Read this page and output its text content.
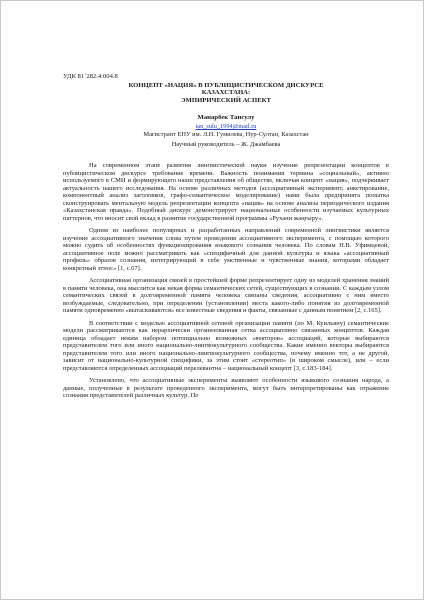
УДК 81`282.4:004.8

КОНЦЕПТ «НАЦИЯ» В ПУБЛИЦИСТИЧЕСКОМ ДИСКУРСЕ

КАЗАХСТАНА:

ЭМПИРИЧЕСКИЙ АСПЕКТ

Манарбек Тансулу

tan_sulu_1994@mail.ru

Магистрант ЕНУ им. Л.Н. Гумилева, Нур-Султан, Казахстан

Научный руководитель – Ж. Джамбаева

На современном этапе развития лингвистической науки изучение репрезентации концептов в публицистическом дискурсе требование времени. Важность понимания термина «социальный», активно используемого в СМИ и формирующего наши представления об обществе, включая концепт «нация», подчеркивает актуальность нашего исследования. На основе различных методов (ассоциативный эксперимент, анкетирование, компонентный анализ заголовков, графо-семантическое моделирование) нами была предпринята попытка сконструировать ментальную модель репрезентации концепта «нация» на основе анализа периодического издания «Казахстанская правда». Подобный дискурс демонстрирует национальные особенности изучаемых культурных паттернов, что вносит свой вклад в развитие государственной программы «Рухани жаңғыру».

Одним из наиболее популярных и разработанных направлений современной лингвистики является изучение ассоциативного значения слова путем проведения ассоциативного эксперимента, с помощью которого можно судить об особенностях функционирования языкового сознания человека. По словам Н.В. Уфимцевой, ассоциативное поле можно рассматривать как «специфичный для данной культуры и языка «ассоциативный профиль» образов сознания, интегрирующий в себе умственные и чувственные знания, которыми обладает конкретный этнос» [1, с.67].

Ассоциативная организация связей в простейшей форме репрезентирует одну из моделей хранения знаний в памяти человека, она мыслится как некая форма семантических сетей, существующих в сознании. С каждым узлом семантических связей в долговременной памяти человека связаны сведения, ассоциативно с ним вместе возбуждаемые, следовательно, при определении (установлении) места какого-либо понятия из долговременной памяти одновременно «вытаскиваются» все известные сведения и факты, связанные с данным понятием [2, с.165].

В соответствии с моделью ассоциативной сетевой организации памяти (по М. Куильяну) семантические модели рассматриваются как иерархически организованная сетка ассоциативно связанных концептов. Каждая единица обладает неким набором потенциально возможных «векторов» ассоциаций, которые выбираются представителем того или иного национально-лингвокультурного сообщества. Какие именно векторы выбираются представителем того или иного национально-лингвокультурного сообщества, почему именно тот, а не другой, зависит от национально-культурной специфики, за этим стоит «стереотип» (в широком смысле), или – если представляются определенных ассоциаций перелевантна – национальный концепт [3, с.183-184].

Установлено, что ассоциативные эксперименты выявляют особенности языкового сознания народа, а данные, полученные в результате проведенного эксперимента, могут быть интерпретированы как отражение сознания представителей различных культур. По
